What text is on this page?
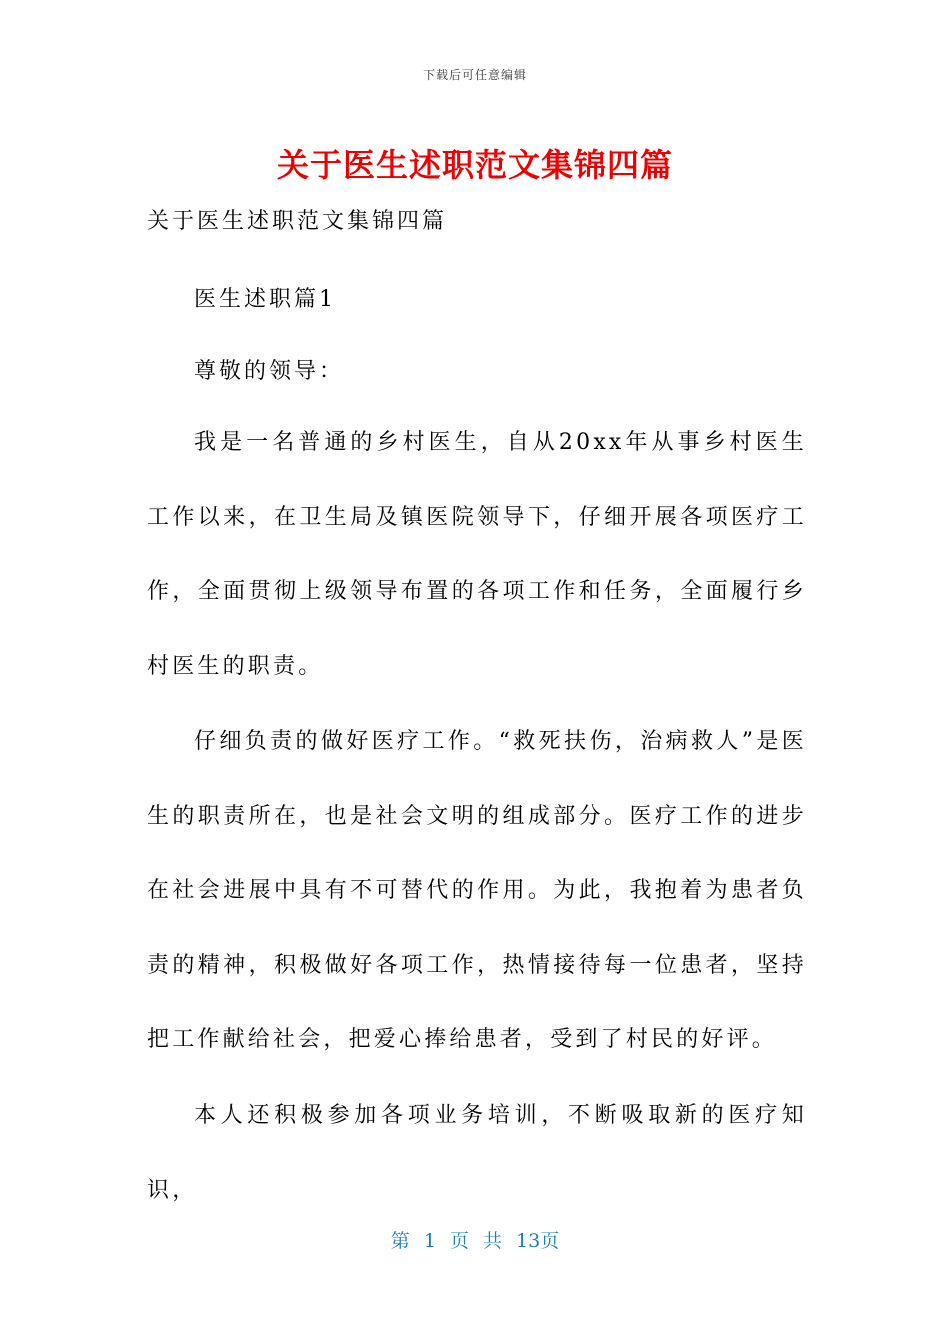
下载后可任意编辑
关于医生述职范文集锦四篇
关于医生述职范文集锦四篇
医生述职篇1
尊敬的领导：
我是一名普通的乡村医生，自从20xx年从事乡村医生工作以来，在卫生局及镇医院领导下，仔细开展各项医疗工作，全面贯彻上级领导布置的各项工作和任务，全面履行乡村医生的职责。
仔细负责的做好医疗工作。“救死扶伤，治病救人”是医生的职责所在，也是社会文明的组成部分。医疗工作的进步在社会进展中具有不可替代的作用。为此，我抱着为患者负责的精神，积极做好各项工作，热情接待每一位患者，坚持把工作献给社会，把爱心捧给患者，受到了村民的好评。
本人还积极参加各项业务培训，不断吸取新的医疗知识，
第 1 页 共 13页
